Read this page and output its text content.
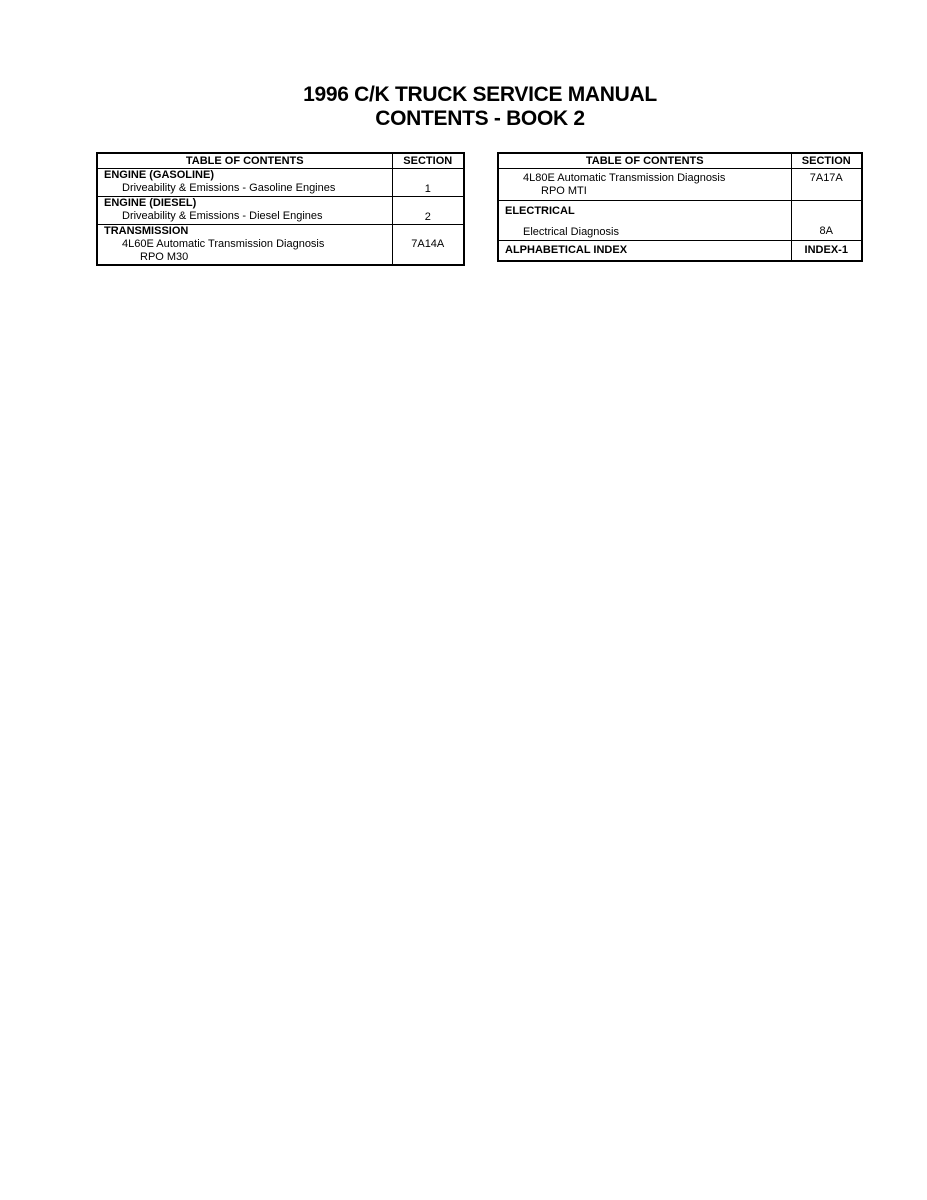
1996 C/K TRUCK SERVICE MANUAL
CONTENTS - BOOK 2
TABLE OF CONTENTS	SECTION

ENGINE (GASOLINE)
Driveability & Emissions - Gasoline Engines	1

ENGINE (DIESEL)
Driveability & Emissions - Diesel Engines	2

TRANSMISSION
4L60E Automatic Transmission Diagnosis
RPO M30	7A14A
TABLE OF CONTENTS	SECTION

4L80E Automatic Transmission Diagnosis
RPO MTI	7A17A

ELECTRICAL
Electrical Diagnosis	8A

ALPHABETICAL INDEX	INDEX-1
